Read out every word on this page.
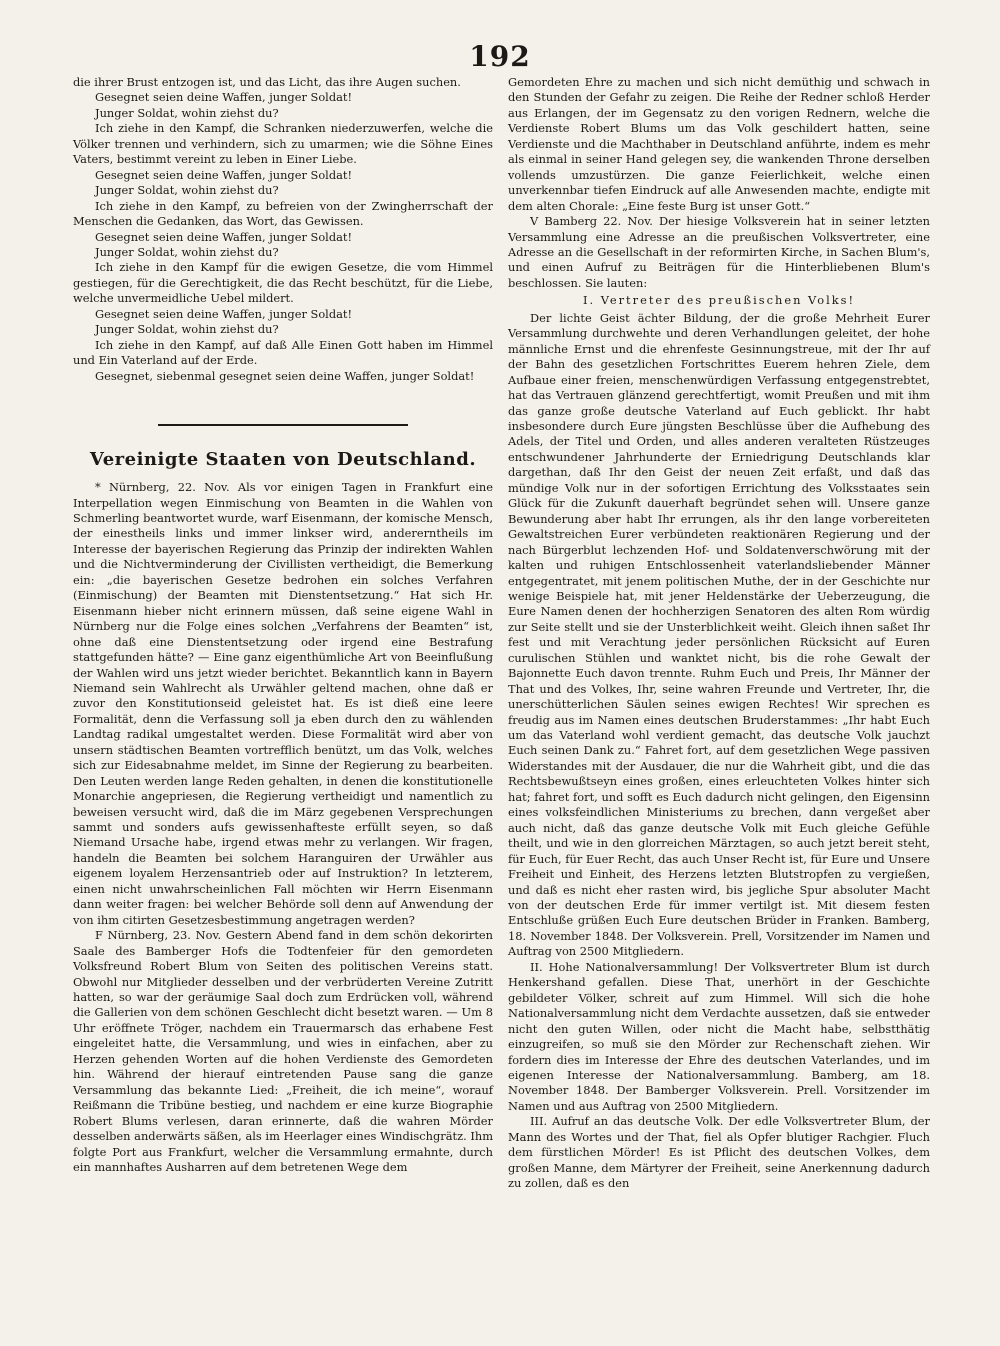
192

die ihrer Brust entzogen ist, und das Licht, das ihre Augen suchen.

Gesegnet seien deine Waffen, junger Soldat!

Junger Soldat, wohin ziehst du?

Ich ziehe in den Kampf, die Schranken niederzuwerfen, welche die Völker trennen und verhindern, sich zu umarmen; wie die Söhne Eines Vaters, bestimmt vereint zu leben in Einer Liebe.

Gesegnet seien deine Waffen, junger Soldat!

Junger Soldat, wohin ziehst du?

Ich ziehe in den Kampf, zu befreien von der Zwingherrschaft der Menschen die Gedanken, das Wort, das Gewissen.

Gesegnet seien deine Waffen, junger Soldat!

Junger Soldat, wohin ziehst du?

Ich ziehe in den Kampf für die ewigen Gesetze, die vom Himmel gestiegen, für die Gerechtigkeit, die das Recht beschützt, für die Liebe, welche unvermeidliche Uebel mildert.

Gesegnet seien deine Waffen, junger Soldat!

Junger Soldat, wohin ziehst du?

Ich ziehe in den Kampf, auf daß Alle Einen Gott haben im Himmel und Ein Vaterland auf der Erde.

Gesegnet, siebenmal gesegnet seien deine Waffen, junger Soldat!

Vereinigte Staaten von Deutschland.

* Nürnberg, 22. Nov. Als vor einigen Tagen in Frankfurt eine Interpellation wegen Einmischung von Beamten in die Wahlen von Schmerling beantwortet wurde, warf Eisenmann, der komische Mensch, der einestheils links und immer linkser wird, andererntheils im Interesse der bayerischen Regierung das Prinzip der indirekten Wahlen und die Nichtverminderung der Civillisten vertheidigt, die Bemerkung ein: „die bayerischen Gesetze bedrohen ein solches Verfahren (Einmischung) der Beamten mit Dienstentsetzung.“ Hat sich Hr. Eisenmann hieber nicht erinnern müssen, daß seine eigene Wahl in Nürnberg nur die Folge eines solchen „Verfahrens der Beamten“ ist, ohne daß eine Dienstentsetzung oder irgend eine Bestrafung stattgefunden hätte? — Eine ganz eigenthümliche Art von Beeinflußung der Wahlen wird uns jetzt wieder berichtet. Bekanntlich kann in Bayern Niemand sein Wahlrecht als Urwähler geltend machen, ohne daß er zuvor den Konstitutionseid geleistet hat. Es ist dieß eine leere Formalität, denn die Verfassung soll ja eben durch den zu wählenden Landtag radikal umgestaltet werden. Diese Formalität wird aber von unsern städtischen Beamten vortrefflich benützt, um das Volk, welches sich zur Eidesabnahme meldet, im Sinne der Regierung zu bearbeiten. Den Leuten werden lange Reden gehalten, in denen die konstitutionelle Monarchie angepriesen, die Regierung vertheidigt und namentlich zu beweisen versucht wird, daß die im März gegebenen Versprechungen sammt und sonders aufs gewissenhafteste erfüllt seyen, so daß Niemand Ursache habe, irgend etwas mehr zu verlangen. Wir fragen, handeln die Beamten bei solchem Haranguiren der Urwähler aus eigenem loyalem Herzensantrieb oder auf Instruktion? In letzterem, einen nicht unwahrscheinlichen Fall möchten wir Herrn Eisenmann dann weiter fragen: bei welcher Behörde soll denn auf Anwendung der von ihm citirten Gesetzesbestimmung angetragen werden?

F Nürnberg, 23. Nov. Gestern Abend fand in dem schön dekorirten Saale des Bamberger Hofs die Todtenfeier für den gemordeten Volksfreund Robert Blum von Seiten des politischen Vereins statt. Obwohl nur Mitglieder desselben und der verbrüderten Vereine Zutritt hatten, so war der geräumige Saal doch zum Erdrücken voll, während die Gallerien von dem schönen Geschlecht dicht besetzt waren. — Um 8 Uhr eröffnete Tröger, nachdem ein Trauermarsch das erhabene Fest eingeleitet hatte, die Versammlung, und wies in einfachen, aber zu Herzen gehenden Worten auf die hohen Verdienste des Gemordeten hin. Während der hierauf eintretenden Pause sang die ganze Versammlung das bekannte Lied: „Freiheit, die ich meine“, worauf Reißmann die Tribüne bestieg, und nachdem er eine kurze Biographie Robert Blums verlesen, daran erinnerte, daß die wahren Mörder desselben anderwärts säßen, als im Heerlager eines Windischgrätz. Ihm folgte Port aus Frankfurt, welcher die Versammlung ermahnte, durch ein mannhaftes Ausharren auf dem betretenen Wege dem

Gemordeten Ehre zu machen und sich nicht demüthig und schwach in den Stunden der Gefahr zu zeigen. Die Reihe der Redner schloß Herder aus Erlangen, der im Gegensatz zu den vorigen Rednern, welche die Verdienste Robert Blums um das Volk geschildert hatten, seine Verdienste und die Machthaber in Deutschland anführte, indem es mehr als einmal in seiner Hand gelegen sey, die wankenden Throne derselben vollends umzustürzen. Die ganze Feierlichkeit, welche einen unverkennbar tiefen Eindruck auf alle Anwesenden machte, endigte mit dem alten Chorale: „Eine feste Burg ist unser Gott.“

V Bamberg 22. Nov. Der hiesige Volksverein hat in seiner letzten Versammlung eine Adresse an die preußischen Volksvertreter, eine Adresse an die Gesellschaft in der reformirten Kirche, in Sachen Blum's, und einen Aufruf zu Beiträgen für die Hinterbliebenen Blum's beschlossen. Sie lauten:

I. Vertreter des preußischen Volks!

Der lichte Geist ächter Bildung, der die große Mehrheit Eurer Versammlung durchwehte und deren Verhandlungen geleitet, der hohe männliche Ernst und die ehrenfeste Gesinnungstreue, mit der Ihr auf der Bahn des gesetzlichen Fortschrittes Euerem hehren Ziele, dem Aufbaue einer freien, menschenwürdigen Verfassung entgegenstrebtet, hat das Vertrauen glänzend gerechtfertigt, womit Preußen und mit ihm das ganze große deutsche Vaterland auf Euch geblickt. Ihr habt insbesondere durch Eure jüngsten Beschlüsse über die Aufhebung des Adels, der Titel und Orden, und alles anderen veralteten Rüstzeuges entschwundener Jahrhunderte der Erniedrigung Deutschlands klar dargethan, daß Ihr den Geist der neuen Zeit erfaßt, und daß das mündige Volk nur in der sofortigen Errichtung des Volksstaates sein Glück für die Zukunft dauerhaft begründet sehen will. Unsere ganze Bewunderung aber habt Ihr errungen, als ihr den lange vorbereiteten Gewaltstreichen Eurer verbündeten reaktionären Regierung und der nach Bürgerblut lechzenden Hof- und Soldatenverschwörung mit der kalten und ruhigen Entschlossenheit vaterlandsliebender Männer entgegentratet, mit jenem politischen Muthe, der in der Geschichte nur wenige Beispiele hat, mit jener Heldenstärke der Ueberzeugung, die Eure Namen denen der hochherzigen Senatoren des alten Rom würdig zur Seite stellt und sie der Unsterblichkeit weiht. Gleich ihnen saßet Ihr fest und mit Verachtung jeder persönlichen Rücksicht auf Euren curulischen Stühlen und wanktet nicht, bis die rohe Gewalt der Bajonnette Euch davon trennte. Ruhm Euch und Preis, Ihr Männer der That und des Volkes, Ihr, seine wahren Freunde und Vertreter, Ihr, die unerschütterlichen Säulen seines ewigen Rechtes! Wir sprechen es freudig aus im Namen eines deutschen Bruderstammes: „Ihr habt Euch um das Vaterland wohl verdient gemacht, das deutsche Volk jauchzt Euch seinen Dank zu.“ Fahret fort, auf dem gesetzlichen Wege passiven Widerstandes mit der Ausdauer, die nur die Wahrheit gibt, und die das Rechtsbewußtseyn eines großen, eines erleuchteten Volkes hinter sich hat; fahret fort, und sofft es Euch dadurch nicht gelingen, den Eigensinn eines volksfeindlichen Ministeriums zu brechen, dann vergeßet aber auch nicht, daß das ganze deutsche Volk mit Euch gleiche Gefühle theilt, und wie in den glorreichen Märztagen, so auch jetzt bereit steht, für Euch, für Euer Recht, das auch Unser Recht ist, für Eure und Unsere Freiheit und Einheit, des Herzens letzten Blutstropfen zu vergießen, und daß es nicht eher rasten wird, bis jegliche Spur absoluter Macht von der deutschen Erde für immer vertilgt ist. Mit diesem festen Entschluße grüßen Euch Eure deutschen Brüder in Franken. Bamberg, 18. November 1848. Der Volksverein. Prell, Vorsitzender im Namen und Auftrag von 2500 Mitgliedern.

II. Hohe Nationalversammlung! Der Volksvertreter Blum ist durch Henkershand gefallen. Diese That, unerhört in der Geschichte gebildeter Völker, schreit auf zum Himmel. Will sich die hohe Nationalversammlung nicht dem Verdachte aussetzen, daß sie entweder nicht den guten Willen, oder nicht die Macht habe, selbstthätig einzugreifen, so muß sie den Mörder zur Rechenschaft ziehen. Wir fordern dies im Interesse der Ehre des deutschen Vaterlandes, und im eigenen Interesse der Nationalversammlung. Bamberg, am 18. November 1848. Der Bamberger Volksverein. Prell. Vorsitzender im Namen und aus Auftrag von 2500 Mitgliedern.

III. Aufruf an das deutsche Volk. Der edle Volksvertreter Blum, der Mann des Wortes und der That, fiel als Opfer blutiger Rachgier. Fluch dem fürstlichen Mörder! Es ist Pflicht des deutschen Volkes, dem großen Manne, dem Märtyrer der Freiheit, seine Anerkennung dadurch zu zollen, daß es den
